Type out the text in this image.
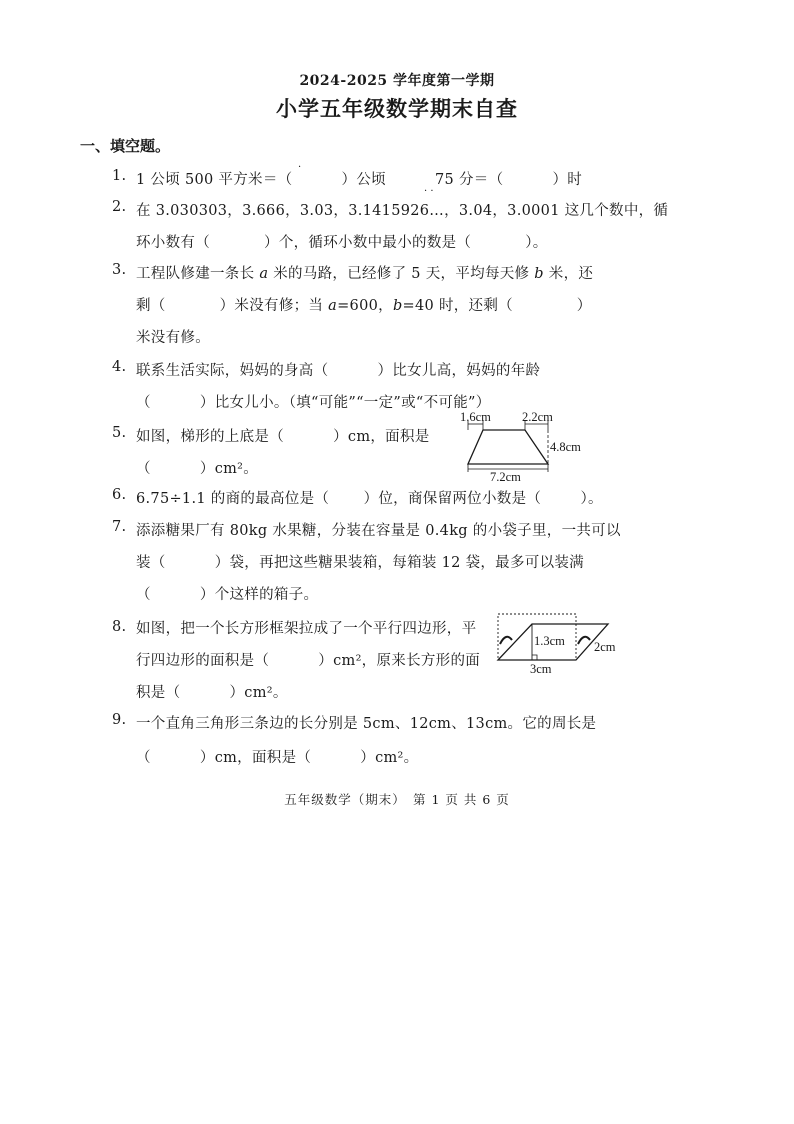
2024-2025 学年度第一学期
小学五年级数学期末自查
一、填空题。
1. 1 公顷 500 平方米＝（	）公顷	75 分＝（	）时
·
· ·
2. 在 3.030303，3.666，3.03，3.1415926…，3.04，3.0001 这几个数中，循
环小数有（	）个，循环小数中最小的数是（	）。
3. 工程队修建一条长 a 米的马路，已经修了 5 天，平均每天修 b 米，还
剩（	）米没有修；当 a=600，b=40 时，还剩（	）
米没有修。
4. 联系生活实际，妈妈的身高（	）比女儿高，妈妈的年龄
（	）比女儿小。（填“可能”“一定”或“不可能”）
5. 如图，梯形的上底是（	）cm，面积是
（	）cm²。
1.6cm 2.2cm
4.8cm
7.2cm
6. 6.75÷1.1 的商的最高位是（ ）位，商保留两位小数是（	）。
7. 添添糖果厂有 80kg 水果糖，分装在容量是 0.4kg 的小袋子里，一共可以
装（	）袋，再把这些糖果装箱，每箱装 12 袋，最多可以装满
（	）个这样的箱子。
8. 如图，把一个长方形框架拉成了一个平行四边形，平
行四边形的面积是（	）cm²，原来长方形的面
积是（	）cm²。
1.3cm 2cm
3cm
9. 一个直角三角形三条边的长分别是 5cm、12cm、13cm。它的周长是
（	）cm，面积是（	）cm²。
五年级数学（期末）　第 1 页 共 6 页
